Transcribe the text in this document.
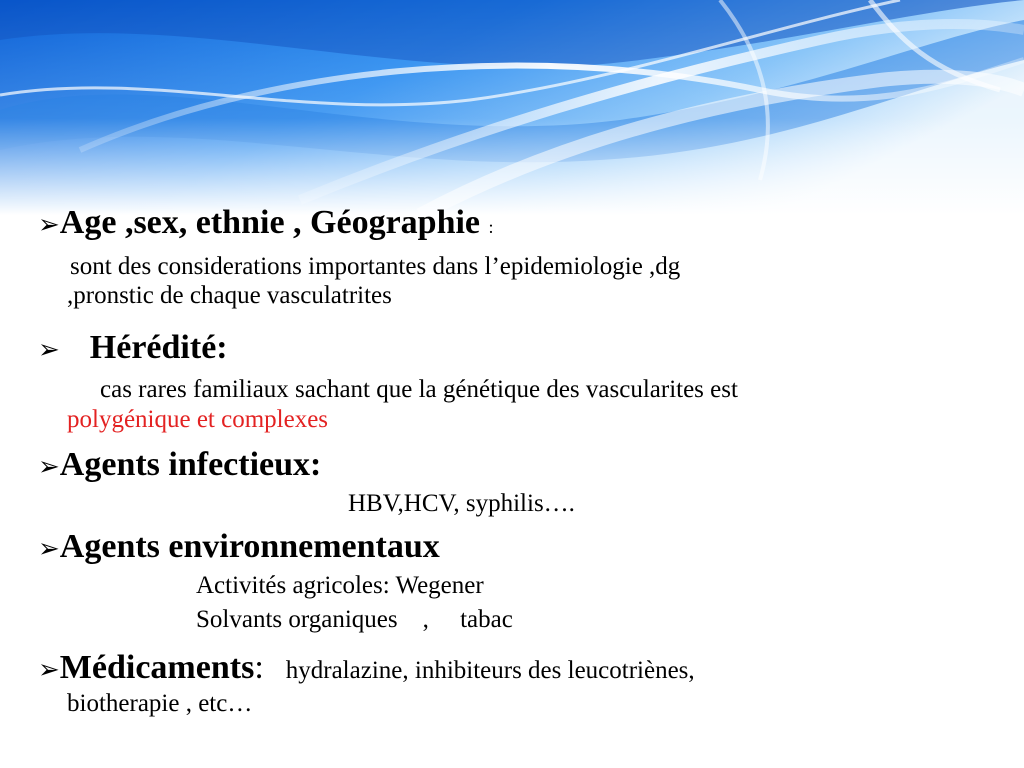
➢Age ,sex, ethnie , Géographie :
sont des considerations importantes dans l’epidemiologie ,dg
,pronstic de chaque vasculatrites
➢ Hérédité:
cas rares familiaux sachant que la génétique des vascularites est
polygénique et complexes
➢Agents infectieux:
HBV,HCV, syphilis….
➢Agents environnementaux
Activités agricoles: Wegener
Solvants organiques    ,     tabac
➢Médicaments: hydralazine, inhibiteurs des leucotriènes,
biotherapie , etc…
